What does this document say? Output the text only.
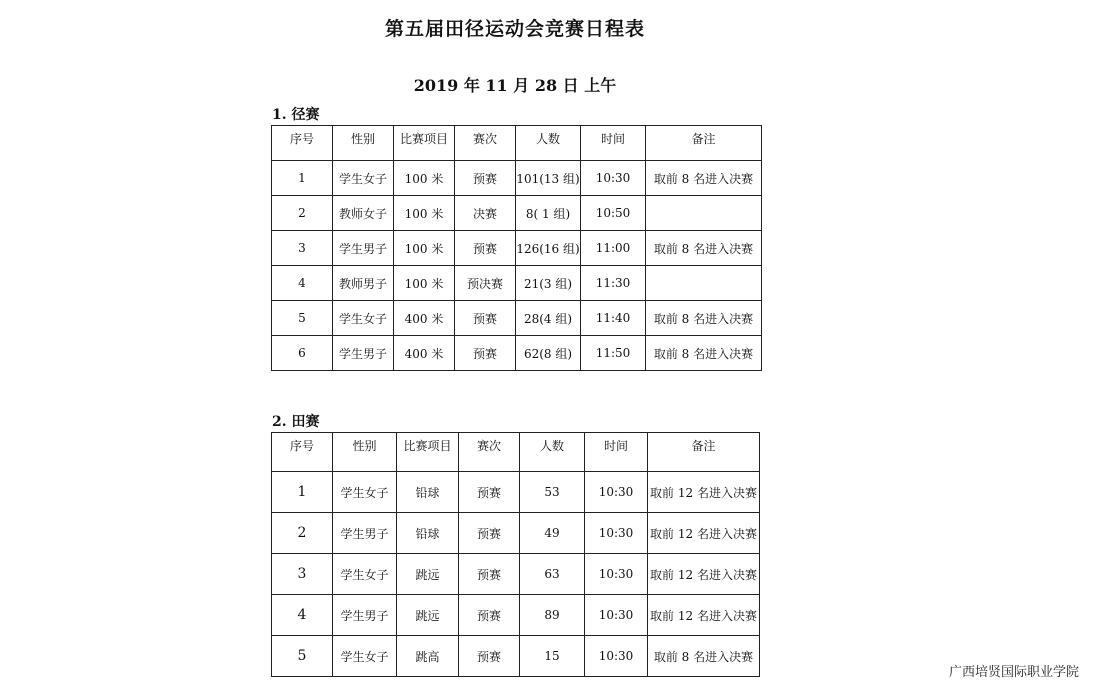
第五届田径运动会竞赛日程表
2019 年 11 月 28 日 上午
1. 径赛
序号	性别	比赛项目	赛次	人数	时间	备注
1	学生女子	100 米	预赛	101(13 组)	10:30	取前 8 名进入决赛
2	教师女子	100 米	决赛	8( 1 组)	10:50	
3	学生男子	100 米	预赛	126(16 组)	11:00	取前 8 名进入决赛
4	教师男子	100 米	预决赛	21(3 组)	11:30	
5	学生女子	400 米	预赛	28(4 组)	11:40	取前 8 名进入决赛
6	学生男子	400 米	预赛	62(8 组)	11:50	取前 8 名进入决赛
2. 田赛
序号	性别	比赛项目	赛次	人数	时间	备注
1	学生女子	铅球	预赛	53	10:30	取前 12 名进入决赛
2	学生男子	铅球	预赛	49	10:30	取前 12 名进入决赛
3	学生女子	跳远	预赛	63	10:30	取前 12 名进入决赛
4	学生男子	跳远	预赛	89	10:30	取前 12 名进入决赛
5	学生女子	跳高	预赛	15	10:30	取前 8 名进入决赛
广西培贤国际职业学院
